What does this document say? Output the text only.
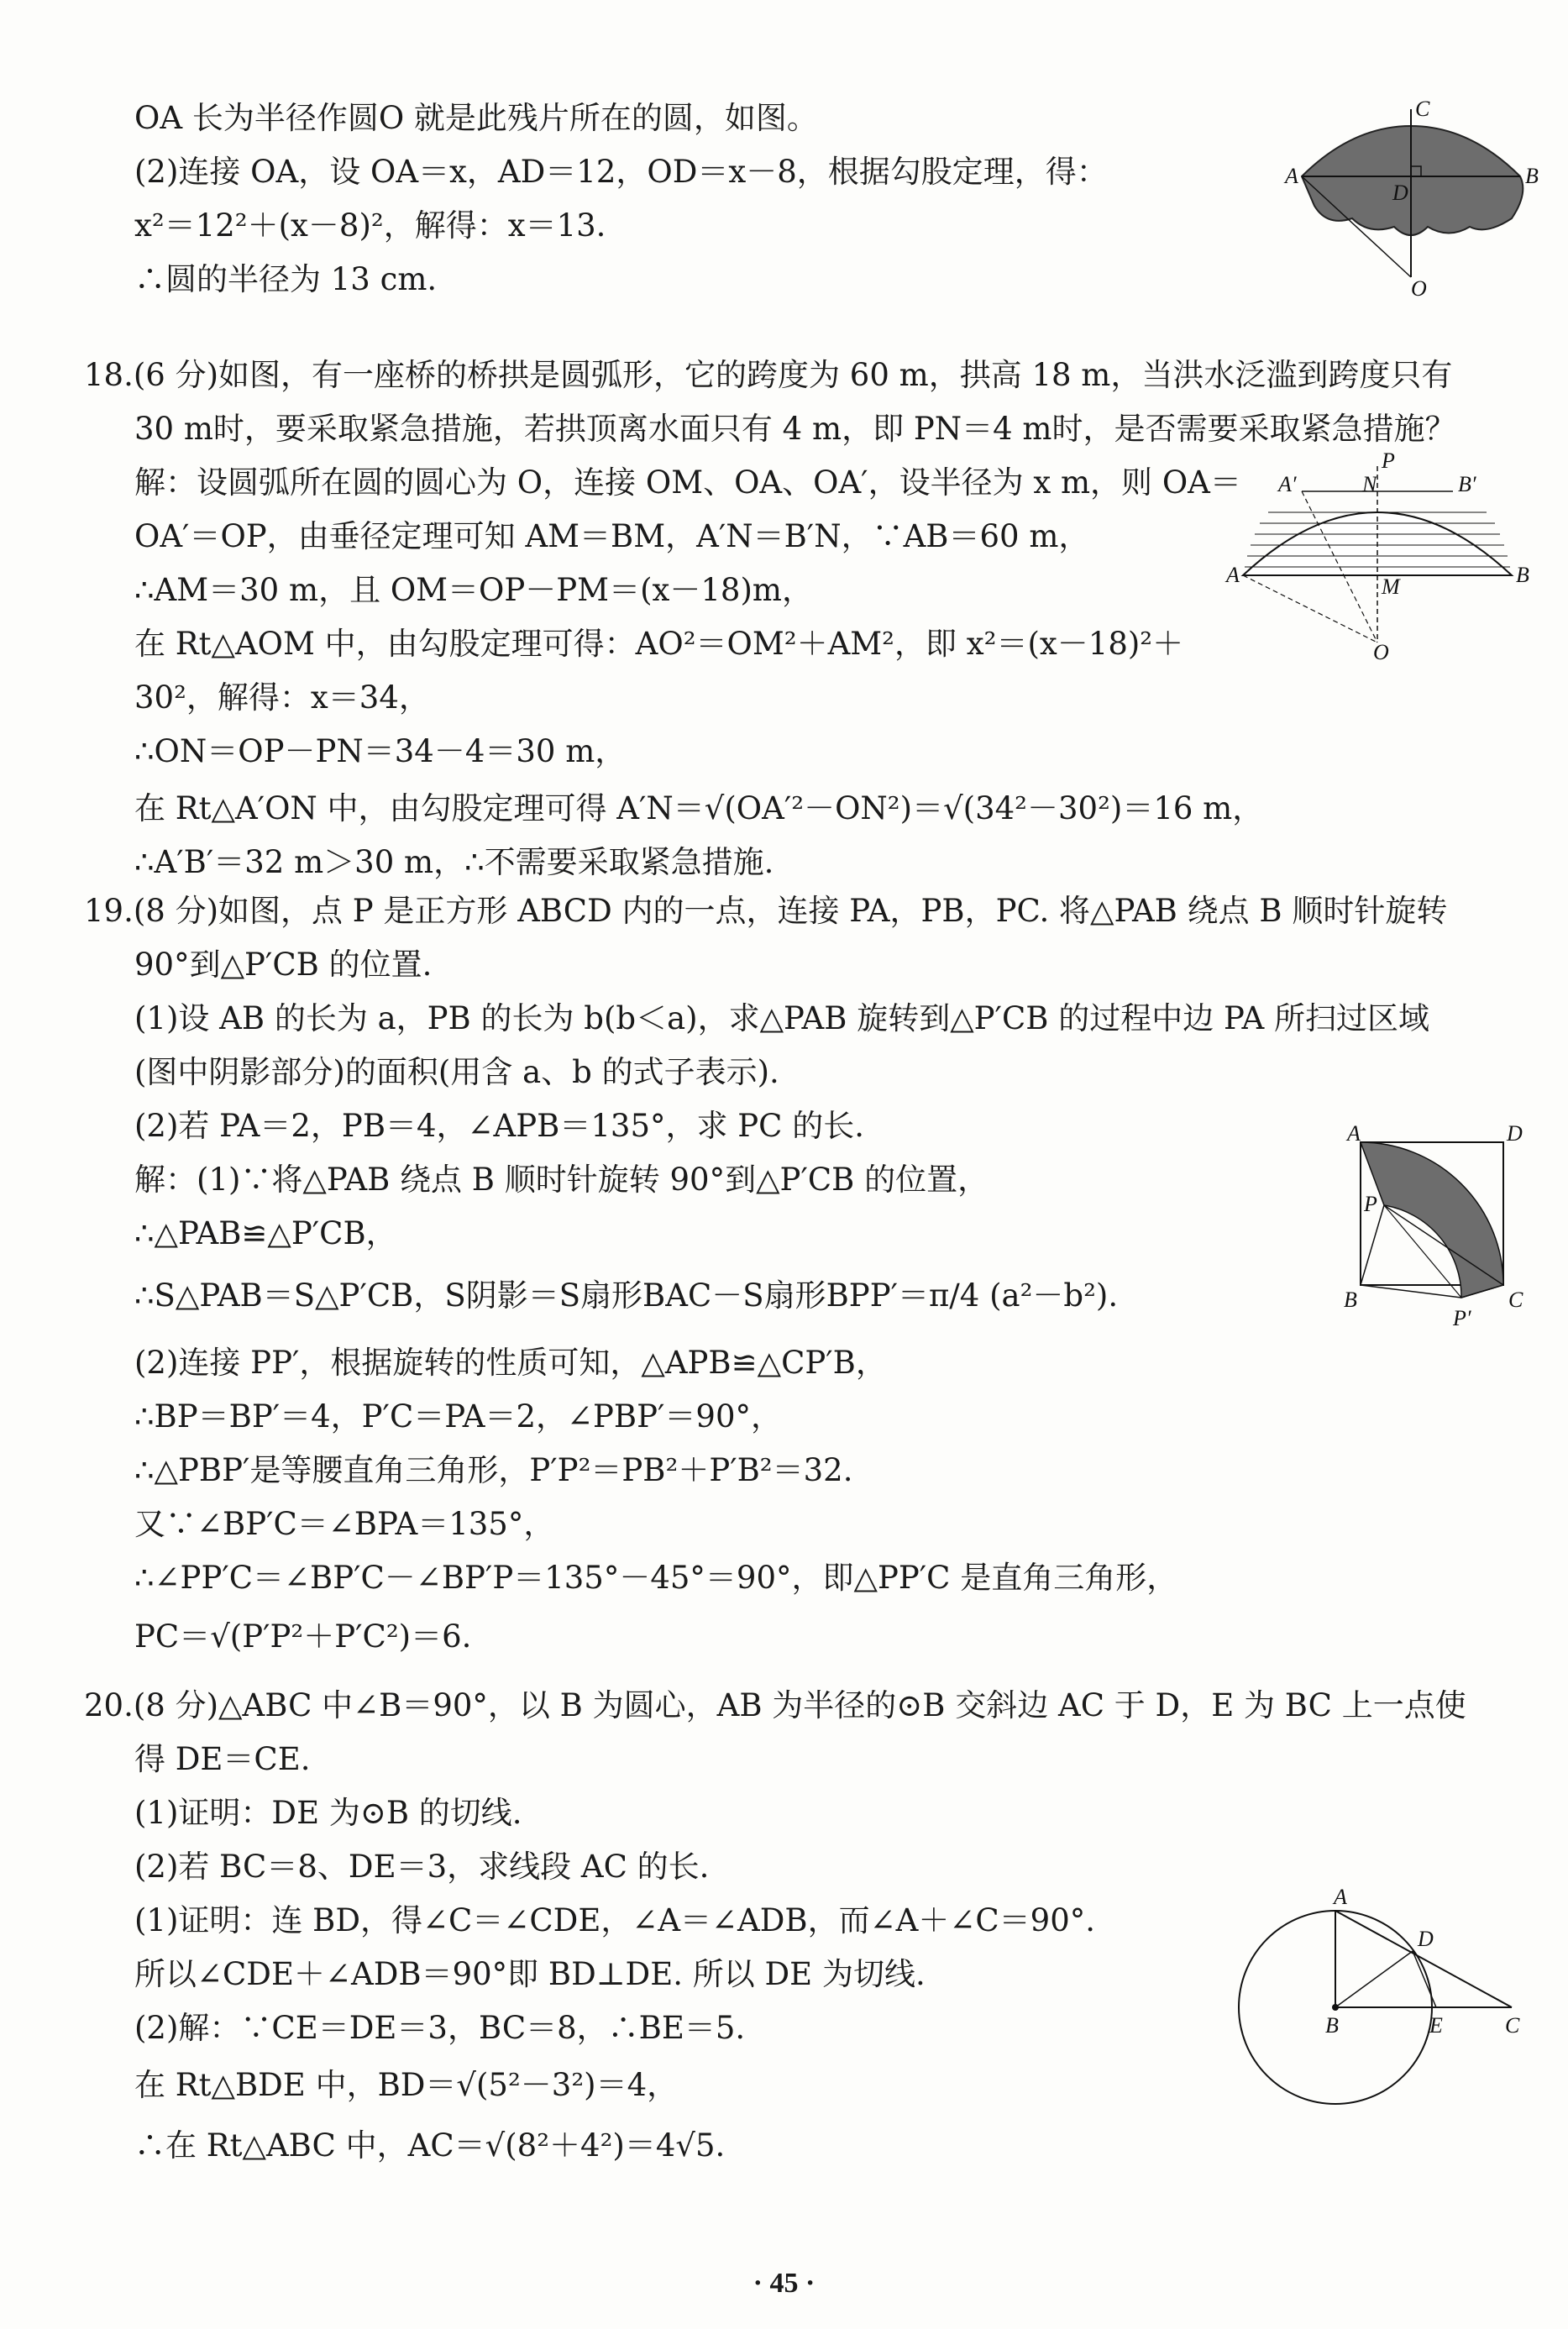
OA 长为半径作圆O 就是此残片所在的圆，如图。
(2)连接 OA，设 OA＝x，AD＝12，OD＝x－8，根据勾股定理，得：
x²＝12²＋(x－8)²，解得：x＝13.
∴圆的半径为 13 cm.
18.(6 分)如图，有一座桥的桥拱是圆弧形，它的跨度为 60 m，拱高 18 m，当洪水泛滥到跨度只有
30 m时，要采取紧急措施，若拱顶离水面只有 4 m，即 PN＝4 m时，是否需要采取紧急措施？
解：设圆弧所在圆的圆心为 O，连接 OM、OA、OA′，设半径为 x m，则 OA＝
OA′＝OP，由垂径定理可知 AM＝BM，A′N＝B′N，∵AB＝60 m，
∴AM＝30 m，且 OM＝OP－PM＝(x－18)m，
在 Rt△AOM 中，由勾股定理可得：AO²＝OM²＋AM²，即 x²＝(x－18)²＋
30²，解得：x＝34，
∴ON＝OP－PN＝34－4＝30 m，
在 Rt△A′ON 中，由勾股定理可得 A′N＝√(OA′²－ON²)＝√(34²－30²)＝16 m，
∴A′B′＝32 m＞30 m，∴不需要采取紧急措施.
19.(8 分)如图，点 P 是正方形 ABCD 内的一点，连接 PA，PB，PC. 将△PAB 绕点 B 顺时针旋转
90°到△P′CB 的位置.
(1)设 AB 的长为 a，PB 的长为 b(b＜a)，求△PAB 旋转到△P′CB 的过程中边 PA 所扫过区域
(图中阴影部分)的面积(用含 a、b 的式子表示).
(2)若 PA＝2，PB＝4，∠APB＝135°，求 PC 的长.
解：(1)∵将△PAB 绕点 B 顺时针旋转 90°到△P′CB 的位置，
∴△PAB≌△P′CB，
∴S△PAB＝S△P′CB，S阴影＝S扇形BAC－S扇形BPP′＝π/4 (a²－b²).
(2)连接 PP′，根据旋转的性质可知，△APB≌△CP′B，
∴BP＝BP′＝4，P′C＝PA＝2，∠PBP′＝90°，
∴△PBP′是等腰直角三角形，P′P²＝PB²＋P′B²＝32.
又∵∠BP′C＝∠BPA＝135°，
∴∠PP′C＝∠BP′C－∠BP′P＝135°－45°＝90°，即△PP′C 是直角三角形，
PC＝√(P′P²＋P′C²)＝6.
20.(8 分)△ABC 中∠B＝90°，以 B 为圆心，AB 为半径的⊙B 交斜边 AC 于 D，E 为 BC 上一点使
得 DE＝CE.
(1)证明：DE 为⊙B 的切线.
(2)若 BC＝8、DE＝3，求线段 AC 的长.
(1)证明：连 BD，得∠C＝∠CDE，∠A＝∠ADB，而∠A＋∠C＝90°.
所以∠CDE＋∠ADB＝90°即 BD⊥DE. 所以 DE 为切线.
(2)解：∵CE＝DE＝3，BC＝8，∴BE＝5.
在 Rt△BDE 中，BD＝√(5²－3²)＝4，
∴在 Rt△ABC 中，AC＝√(8²＋4²)＝4√5.
C
A	B
D
O
P
A′	N	B′
A	B
M
O
A	D
P
B	C
P′
A
D
B	E	C
· 45 ·
